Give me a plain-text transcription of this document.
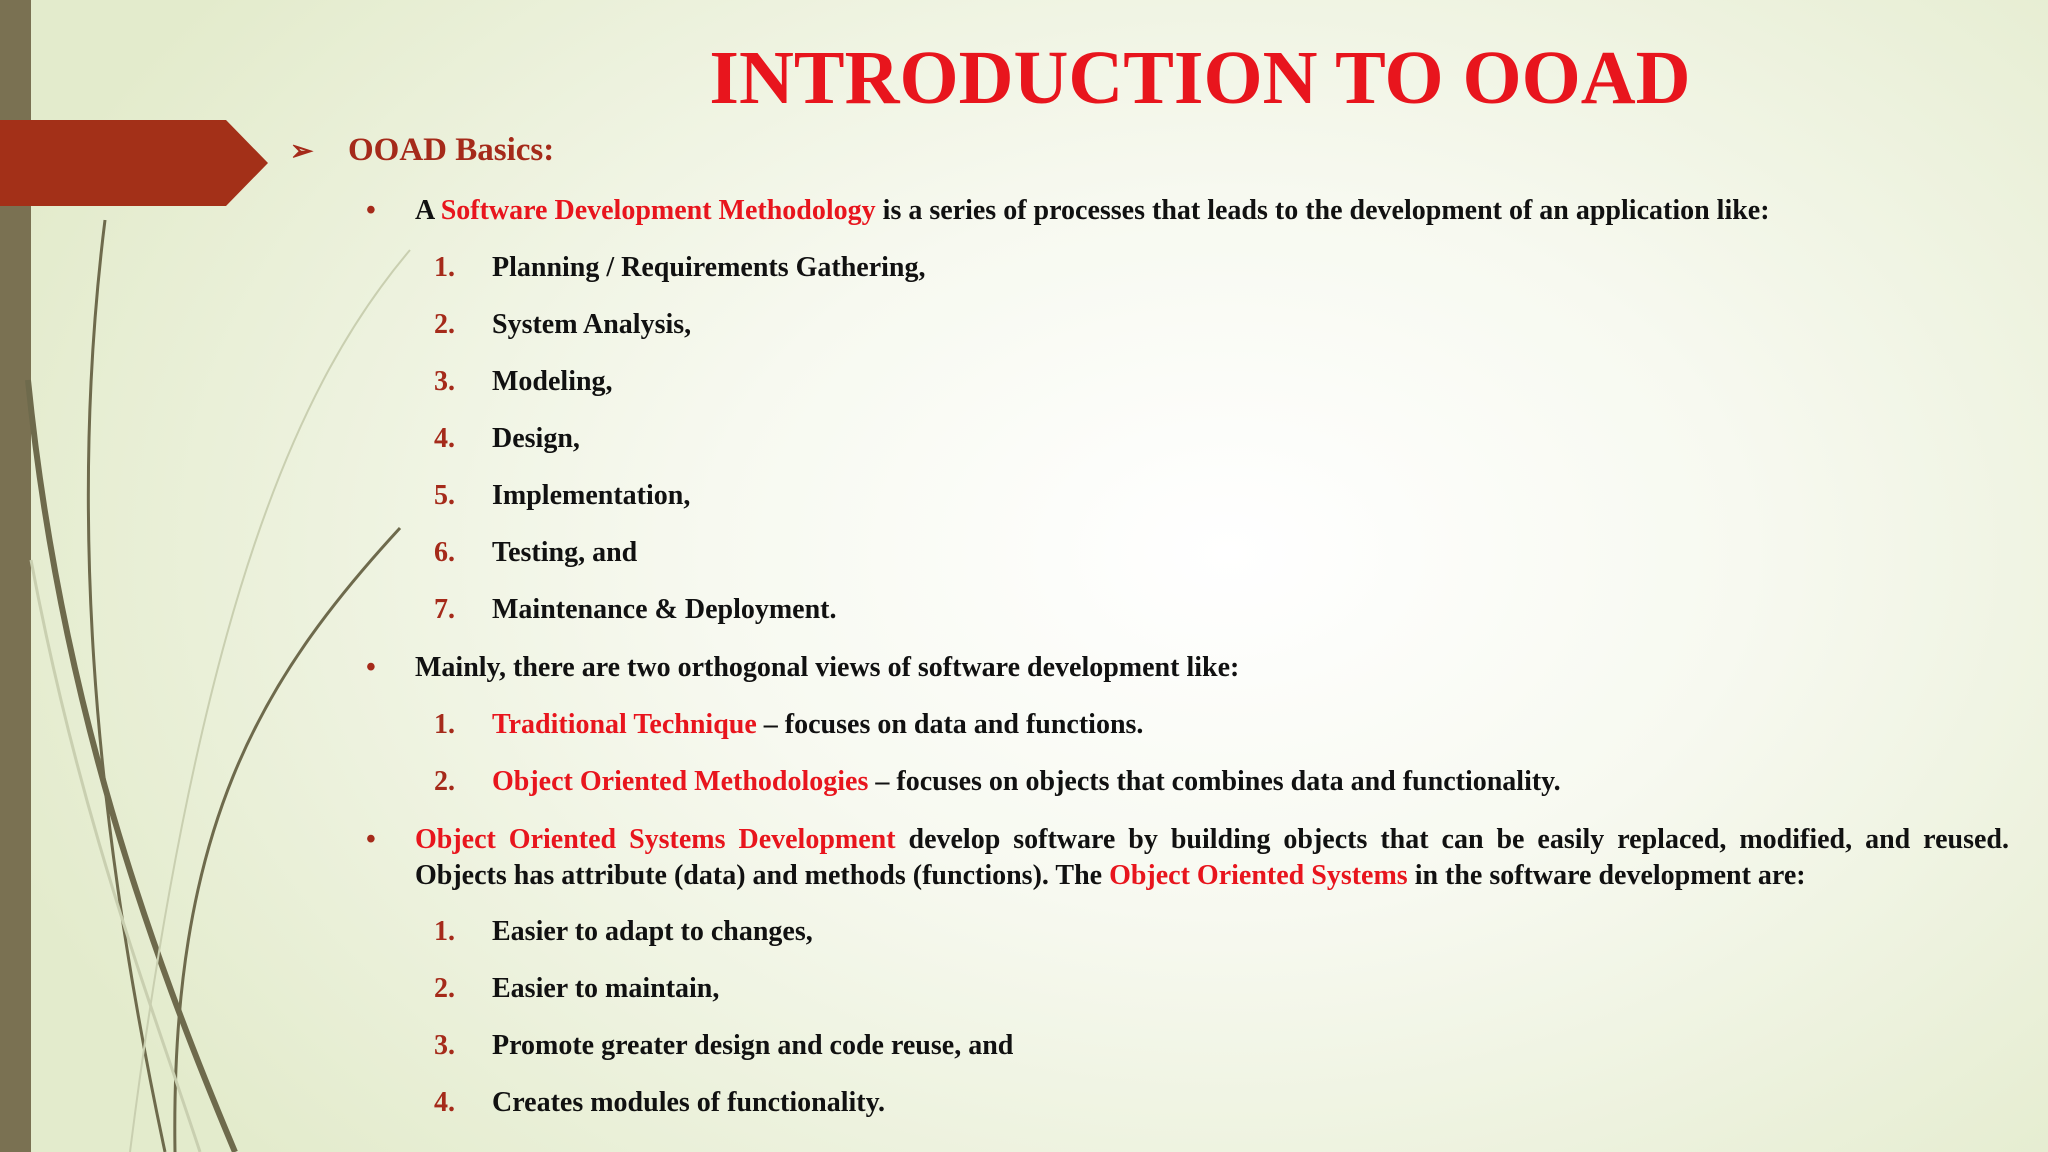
INTRODUCTION TO OOAD
➢ OOAD Basics:
• A Software Development Methodology is a series of processes that leads to the development of an application like:
1. Planning / Requirements Gathering,
2. System Analysis,
3. Modeling,
4. Design,
5. Implementation,
6. Testing, and
7. Maintenance & Deployment.
• Mainly, there are two orthogonal views of software development like:
1. Traditional Technique – focuses on data and functions.
2. Object Oriented Methodologies – focuses on objects that combines data and functionality.
• Object Oriented Systems Development develop software by building objects that can be easily replaced, modified, and reused. Objects has attribute (data) and methods (functions). The Object Oriented Systems in the software development are:
1. Easier to adapt to changes,
2. Easier to maintain,
3. Promote greater design and code reuse, and
4. Creates modules of functionality.
